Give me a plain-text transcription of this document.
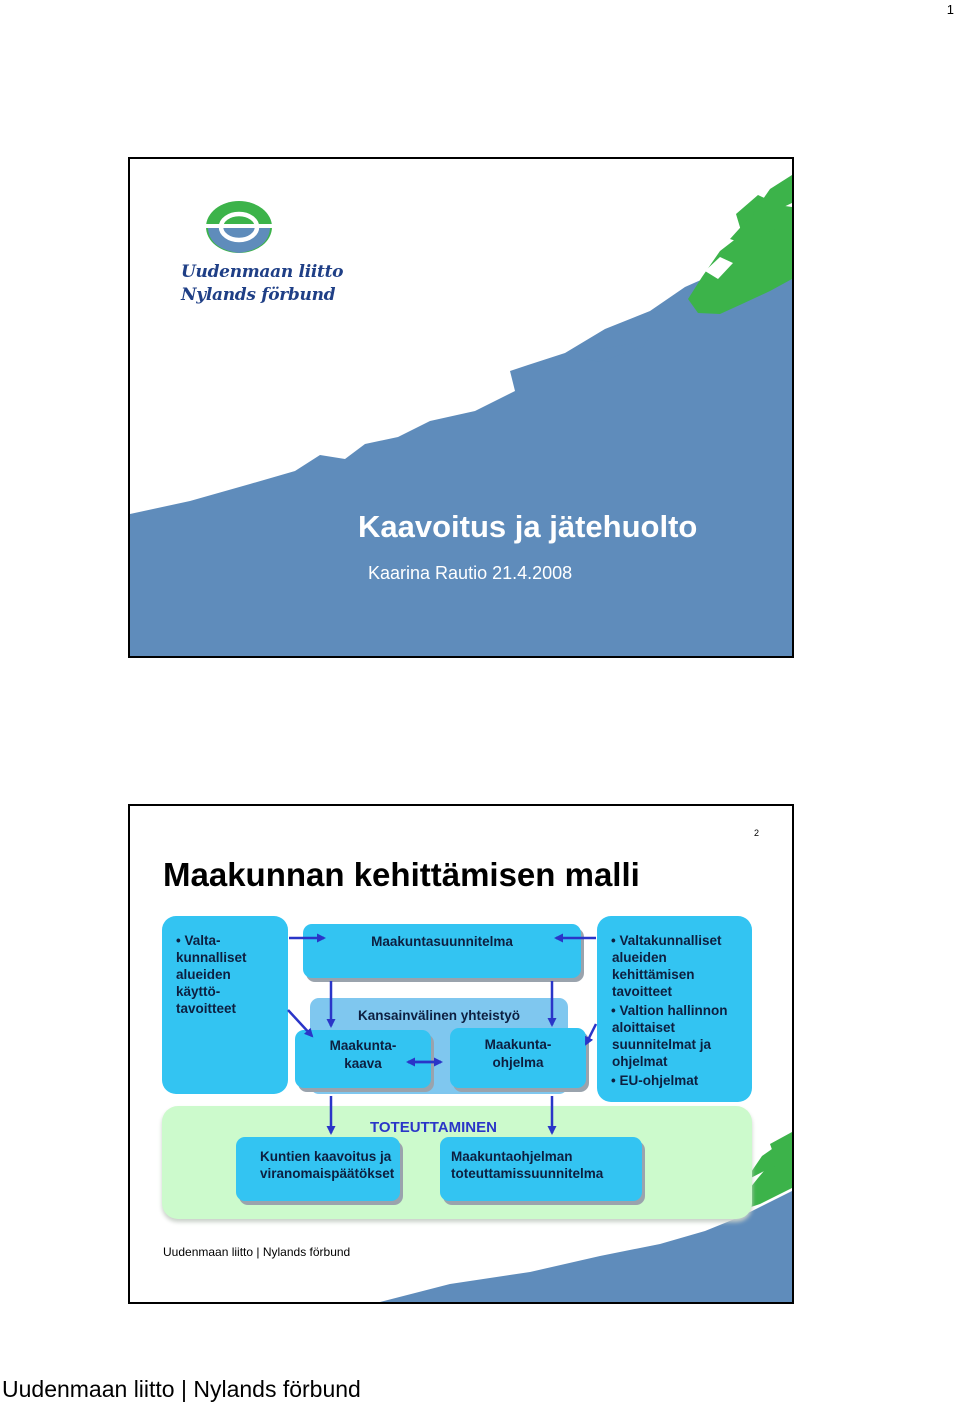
1
Uudenmaan liitto
Nylands förbund
Kaavoitus ja jätehuolto
Kaarina Rautio 21.4.2008
2
Maakunnan kehittämisen malli
• Valta-
kunnalliset
alueiden
käyttö-
tavoitteet
• Valtakunnalliset
alueiden
kehittämisen
tavoitteet
• Valtion hallinnon
aloittaiset
suunnitelmat ja
ohjelmat
• EU-ohjelmat
Maakuntasuunnitelma
Kansainvälinen yhteistyö
Maakunta-
kaava
Maakunta-
ohjelma
TOTEUTTAMINEN
Kuntien kaavoitus ja
viranomaispäätökset
Maakuntaohjelman
toteuttamissuunnitelma
Uudenmaan liitto | Nylands förbund
Uudenmaan liitto | Nylands förbund
